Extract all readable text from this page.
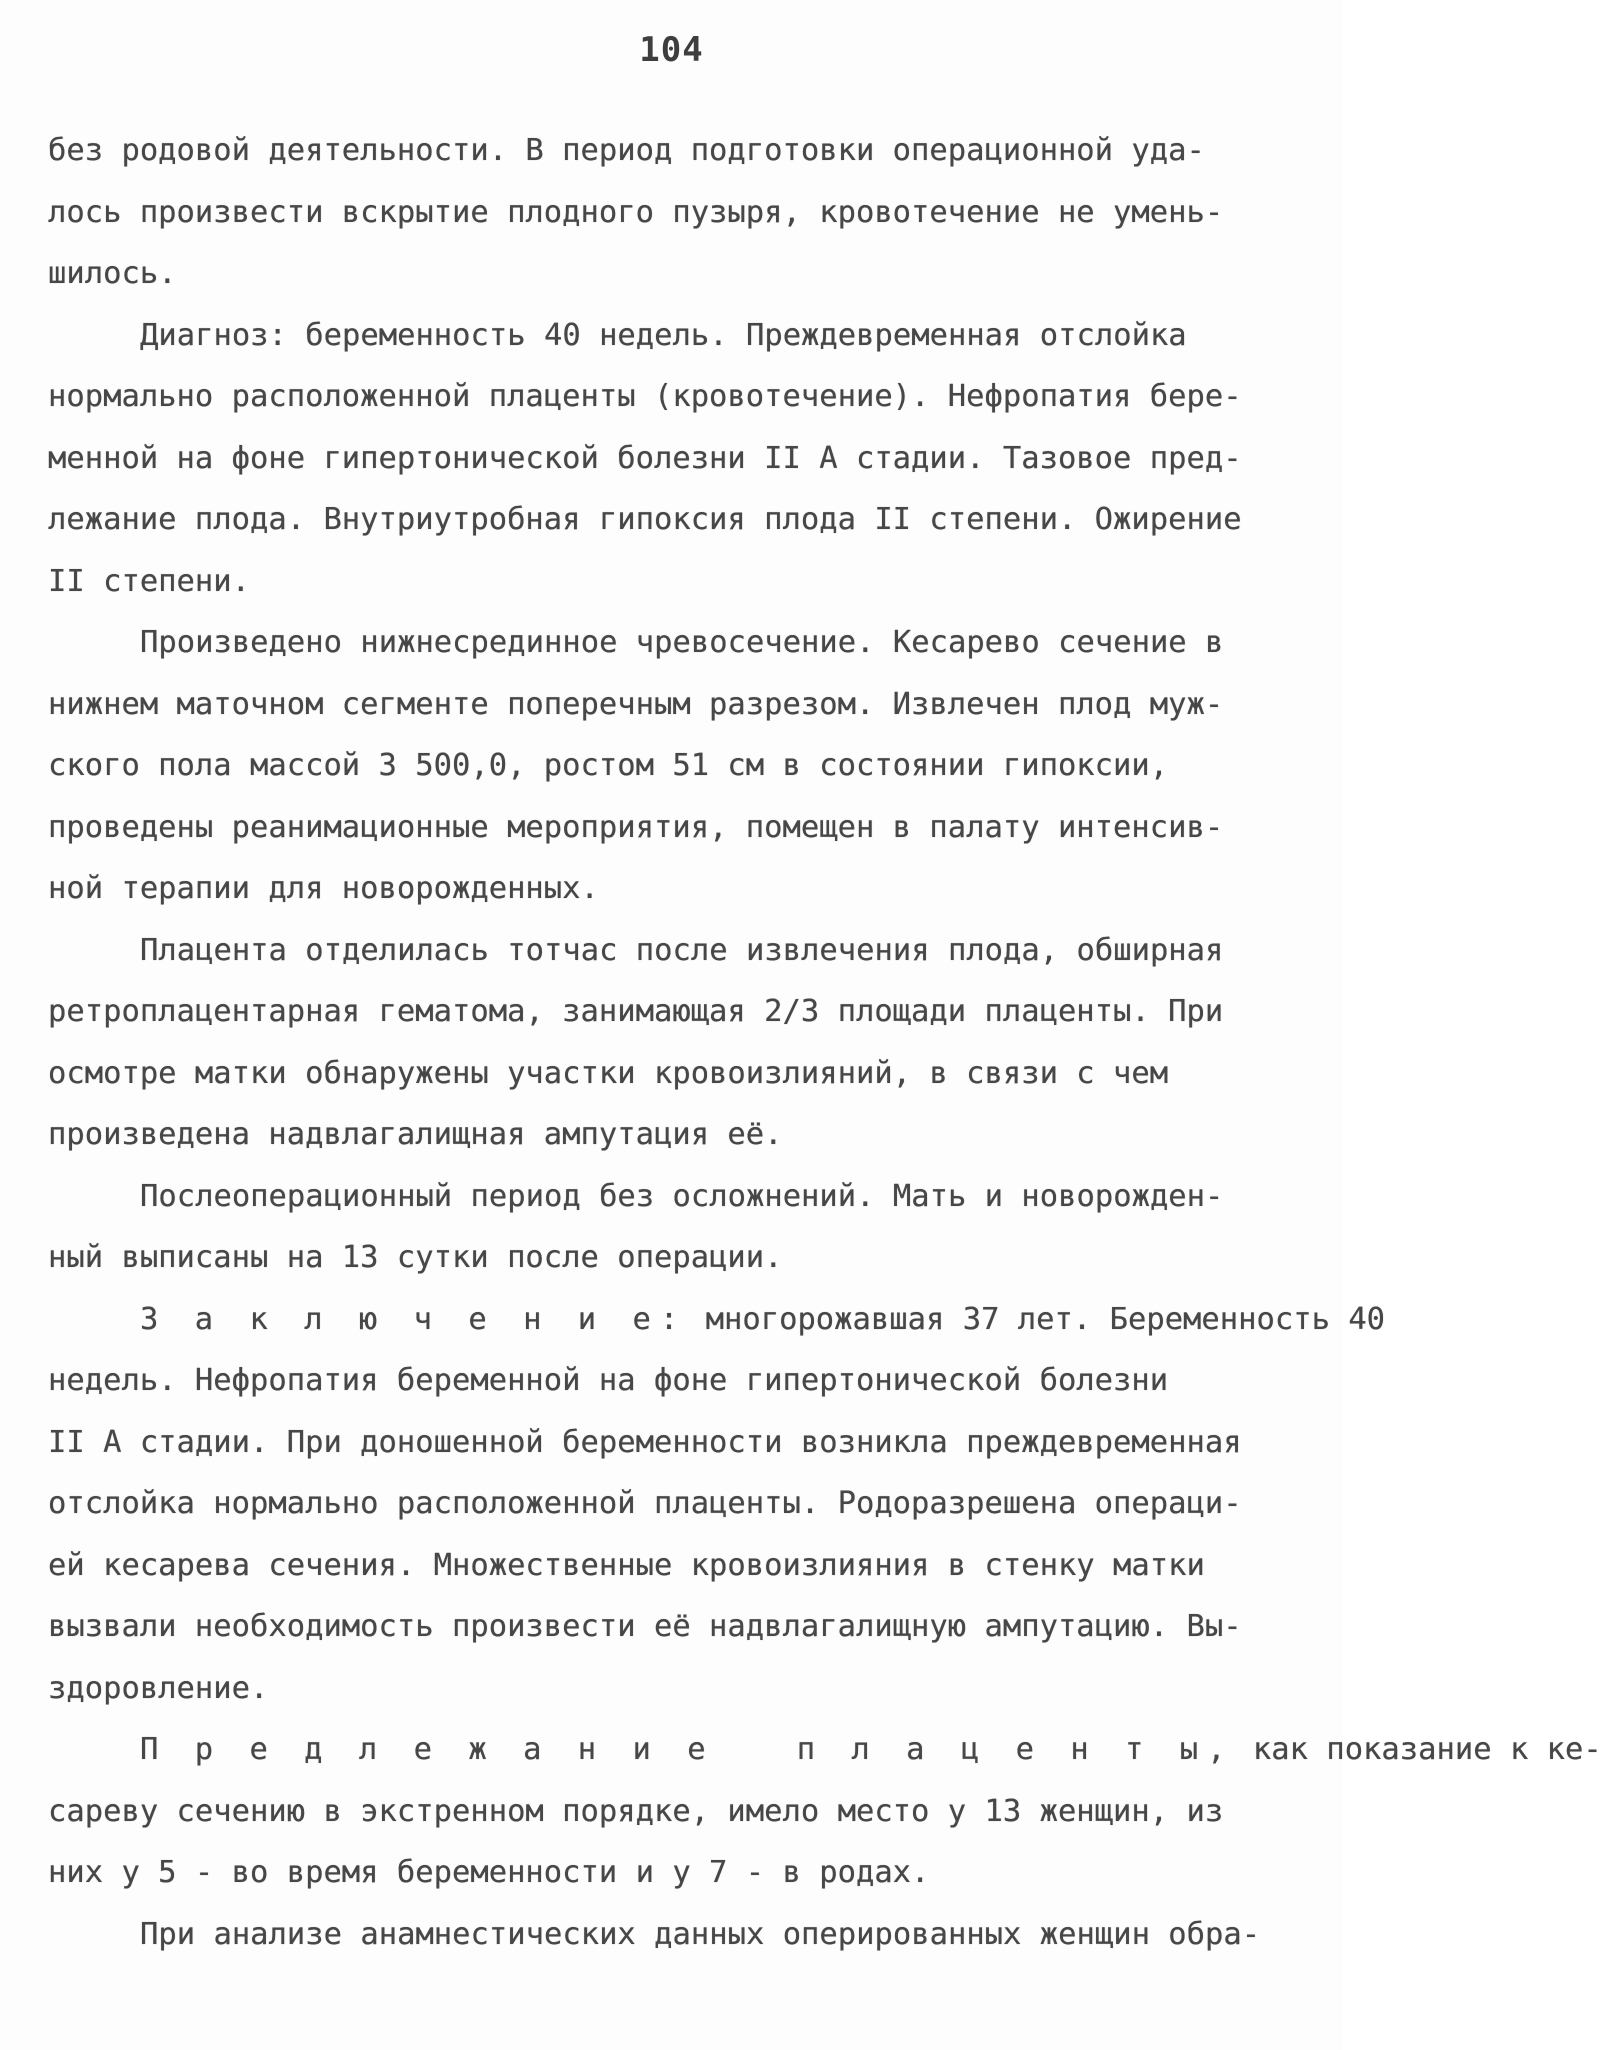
104
без родовой деятельности. В период подготовки операционной уда-
лось произвести вскрытие плодного пузыря, кровотечение не умень-
шилось.
Диагноз: беременность 40 недель. Преждевременная отслойка
нормально расположенной плаценты (кровотечение). Нефропатия бере-
менной на фоне гипертонической болезни II А стадии. Тазовое пред-
лежание плода. Внутриутробная гипоксия плода II степени. Ожирение
II степени.
Произведено нижнесрединное чревосечение. Кесарево сечение в
нижнем маточном сегменте поперечным разрезом. Извлечен плод муж-
ского пола массой 3 500,0, ростом 51 см в состоянии гипоксии,
проведены реанимационные мероприятия, помещен в палату интенсив-
ной терапии для новорожденных.
Плацента отделилась тотчас после извлечения плода, обширная
ретроплацентарная гематома, занимающая 2/3 площади плаценты. При
осмотре матки обнаружены участки кровоизлияний, в связи с чем
произведена надвлагалищная ампутация её.
Послеоперационный период без осложнений. Мать и новорожден-
ный выписаны на 13 сутки после операции.
З а к л ю ч е н и е: многорожавшая 37 лет. Беременность 40
недель. Нефропатия беременной на фоне гипертонической болезни
II А стадии. При доношенной беременности возникла преждевременная
отслойка нормально расположенной плаценты. Родоразрешена операци-
ей кесарева сечения. Множественные кровоизлияния в стенку матки
вызвали необходимость произвести её надвлагалищную ампутацию. Вы-
здоровление.
П р е д л е ж а н и е   п л а ц е н т ы, как показание к ке-
сареву сечению в экстренном порядке, имело место у 13 женщин, из
них у 5 - во время беременности и у 7 - в родах.
При анализе анамнестических данных оперированных женщин обра-
